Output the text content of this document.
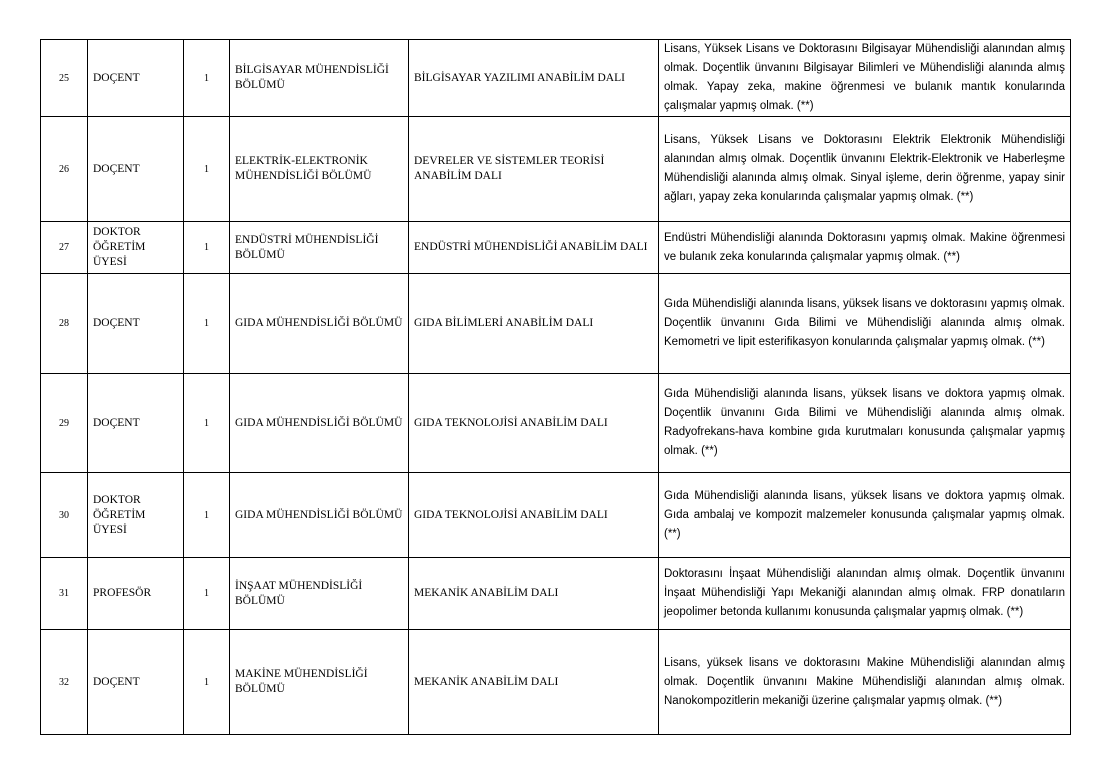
25	DOÇENT	1	BİLGİSAYAR MÜHENDİSLİĞİ BÖLÜMÜ	BİLGİSAYAR YAZILIMI ANABİLİM DALI	Lisans, Yüksek Lisans ve Doktorasını Bilgisayar Mühendisliği alanından almış olmak. Doçentlik ünvanını Bilgisayar Bilimleri ve Mühendisliği alanında almış olmak. Yapay zeka, makine öğrenmesi ve bulanık mantık konularında çalışmalar yapmış olmak. (**)
26	DOÇENT	1	ELEKTRİK-ELEKTRONİK MÜHENDİSLİĞİ BÖLÜMÜ	DEVRELER VE SİSTEMLER TEORİSİ ANABİLİM DALI	Lisans, Yüksek Lisans ve Doktorasını Elektrik Elektronik Mühendisliği alanından almış olmak. Doçentlik ünvanını Elektrik-Elektronik ve Haberleşme Mühendisliği alanında almış olmak. Sinyal işleme, derin öğrenme, yapay sinir ağları, yapay zeka konularında çalışmalar yapmış olmak. (**)
27	DOKTOR ÖĞRETİM ÜYESİ	1	ENDÜSTRİ MÜHENDİSLİĞİ BÖLÜMÜ	ENDÜSTRİ MÜHENDİSLİĞİ ANABİLİM DALI	Endüstri Mühendisliği alanında Doktorasını yapmış olmak. Makine öğrenmesi ve bulanık zeka konularında çalışmalar yapmış olmak. (**)
28	DOÇENT	1	GIDA MÜHENDİSLİĞİ BÖLÜMÜ	GIDA BİLİMLERİ ANABİLİM DALI	Gıda Mühendisliği alanında lisans, yüksek lisans ve doktorasını yapmış olmak. Doçentlik ünvanını Gıda Bilimi ve Mühendisliği alanında almış olmak. Kemometri ve lipit esterifikasyon konularında çalışmalar yapmış olmak. (**)
29	DOÇENT	1	GIDA MÜHENDİSLİĞİ BÖLÜMÜ	GIDA TEKNOLOJİSİ ANABİLİM DALI	Gıda Mühendisliği alanında lisans, yüksek lisans ve doktora yapmış olmak. Doçentlik ünvanını Gıda Bilimi ve Mühendisliği alanında almış olmak. Radyofrekans-hava kombine gıda kurutmaları konusunda çalışmalar yapmış olmak. (**)
30	DOKTOR ÖĞRETİM ÜYESİ	1	GIDA MÜHENDİSLİĞİ BÖLÜMÜ	GIDA TEKNOLOJİSİ ANABİLİM DALI	Gıda Mühendisliği alanında lisans, yüksek lisans ve doktora yapmış olmak. Gıda ambalaj ve kompozit malzemeler konusunda çalışmalar yapmış olmak. (**)
31	PROFESÖR	1	İNŞAAT MÜHENDİSLİĞİ BÖLÜMÜ	MEKANİK ANABİLİM DALI	Doktorasını İnşaat Mühendisliği alanından almış olmak. Doçentlik ünvanını İnşaat Mühendisliği Yapı Mekaniği alanından almış olmak. FRP donatıların jeopolimer betonda kullanımı konusunda çalışmalar yapmış olmak. (**)
32	DOÇENT	1	MAKİNE MÜHENDİSLİĞİ BÖLÜMÜ	MEKANİK ANABİLİM DALI	Lisans, yüksek lisans ve doktorasını Makine Mühendisliği alanından almış olmak. Doçentlik ünvanını Makine Mühendisliği alanından almış olmak. Nanokompozitlerin mekaniği üzerine çalışmalar yapmış olmak. (**)
